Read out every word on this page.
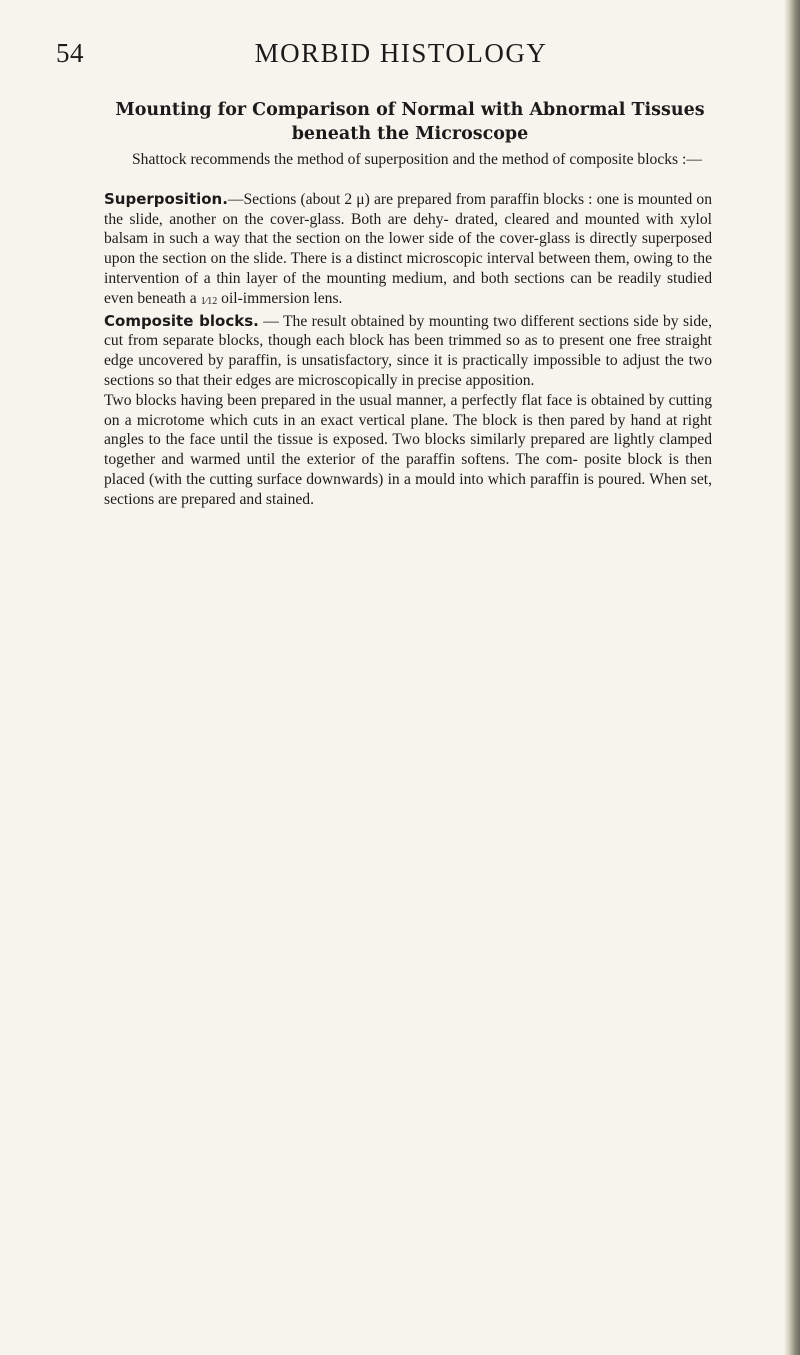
54	MORBID HISTOLOGY
Mounting for Comparison of Normal with Abnormal Tissues
beneath the Microscope

Shattock recommends the method of superposition and the method of composite blocks :—

Superposition.—Sections (about 2 μ) are prepared from paraffin blocks : one is mounted on the slide, another on the cover-glass. Both are dehy- drated, cleared and mounted with xylol balsam in such a way that the section on the lower side of the cover-glass is directly superposed upon the section on the slide. There is a distinct microscopic interval between them, owing to the intervention of a thin layer of the mounting medium, and both sections can be readily studied even beneath a 1⁄12 oil-immersion lens.

Composite blocks. — The result obtained by mounting two different sections side by side, cut from separate blocks, though each block has been trimmed so as to present one free straight edge uncovered by paraffin, is unsatisfactory, since it is practically impossible to adjust the two sections so that their edges are microscopically in precise apposition.

Two blocks having been prepared in the usual manner, a perfectly flat face is obtained by cutting on a microtome which cuts in an exact vertical plane. The block is then pared by hand at right angles to the face until the tissue is exposed. Two blocks similarly prepared are lightly clamped together and warmed until the exterior of the paraffin softens. The com- posite block is then placed (with the cutting surface downwards) in a mould into which paraffin is poured. When set, sections are prepared and stained.
